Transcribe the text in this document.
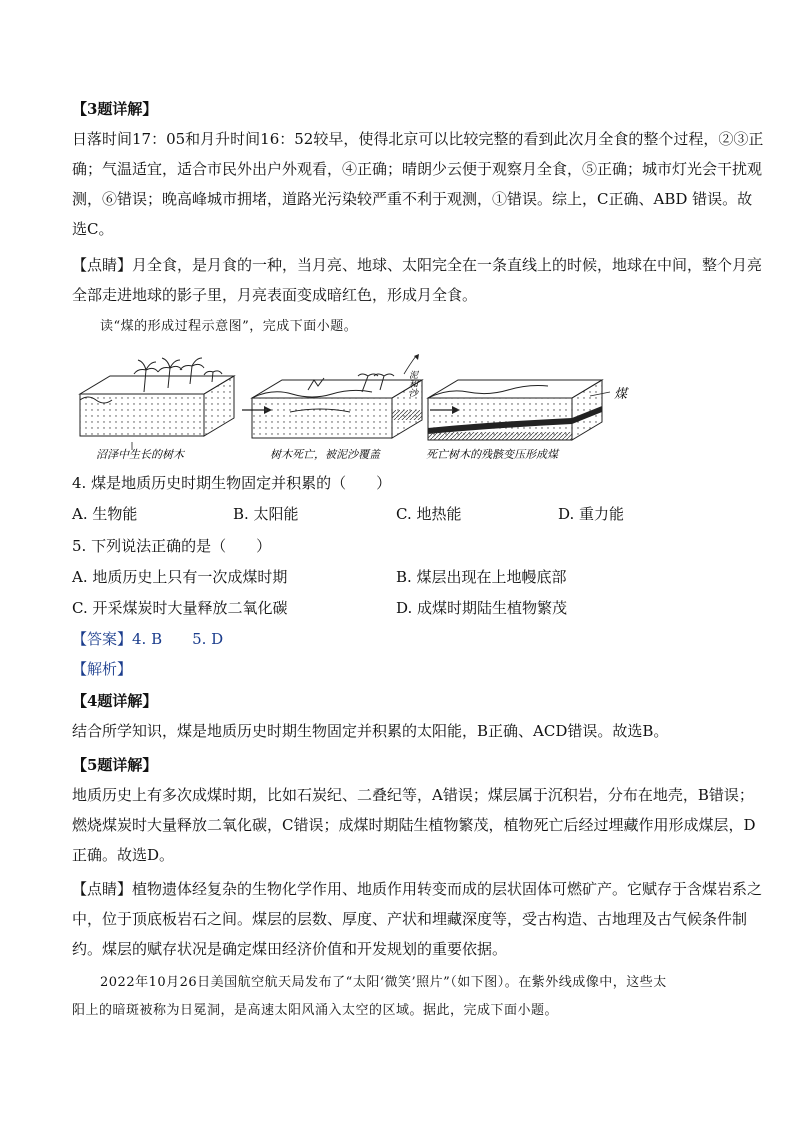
【3题详解】
日落时间17：05和月升时间16：52较早，使得北京可以比较完整的看到此次月全食的整个过程，②③正
确；气温适宜，适合市民外出户外观看，④正确；晴朗少云便于观察月全食，⑤正确；城市灯光会干扰观
测，⑥错误；晚高峰城市拥堵，道路光污染较严重不利于观测，①错误。综上，C正确、ABD 错误。故
选C。
【点睛】月全食，是月食的一种，当月亮、地球、太阳完全在一条直线上的时候，地球在中间，整个月亮
全部走进地球的影子里，月亮表面变成暗红色，形成月全食。
读“煤的形成过程示意图”，完成下面小题。
泥和沙	煤
沼泽中生长的树木	树木死亡，被泥沙覆盖	死亡树木的残骸变压形成煤
4. 煤是地质历史时期生物固定并积累的（　　）
A. 生物能	B. 太阳能	C. 地热能	D. 重力能
5. 下列说法正确的是（　　）
A. 地质历史上只有一次成煤时期	B. 煤层出现在上地幔底部
C. 开采煤炭时大量释放二氧化碳	D. 成煤时期陆生植物繁茂
【答案】4. B　　5. D
【解析】
【4题详解】
结合所学知识，煤是地质历史时期生物固定并积累的太阳能，B正确、ACD错误。故选B。
【5题详解】
地质历史上有多次成煤时期，比如石炭纪、二叠纪等，A错误；煤层属于沉积岩，分布在地壳，B错误；
燃烧煤炭时大量释放二氧化碳，C错误；成煤时期陆生植物繁茂，植物死亡后经过埋藏作用形成煤层，D
正确。故选D。
【点睛】植物遗体经复杂的生物化学作用、地质作用转变而成的层状固体可燃矿产。它赋存于含煤岩系之
中，位于顶底板岩石之间。煤层的层数、厚度、产状和埋藏深度等，受古构造、古地理及古气候条件制
约。煤层的赋存状况是确定煤田经济价值和开发规划的重要依据。
2022年10月26日美国航空航天局发布了“太阳‘微笑’照片”（如下图）。在紫外线成像中，这些太
阳上的暗斑被称为日冕洞，是高速太阳风涌入太空的区域。据此，完成下面小题。
